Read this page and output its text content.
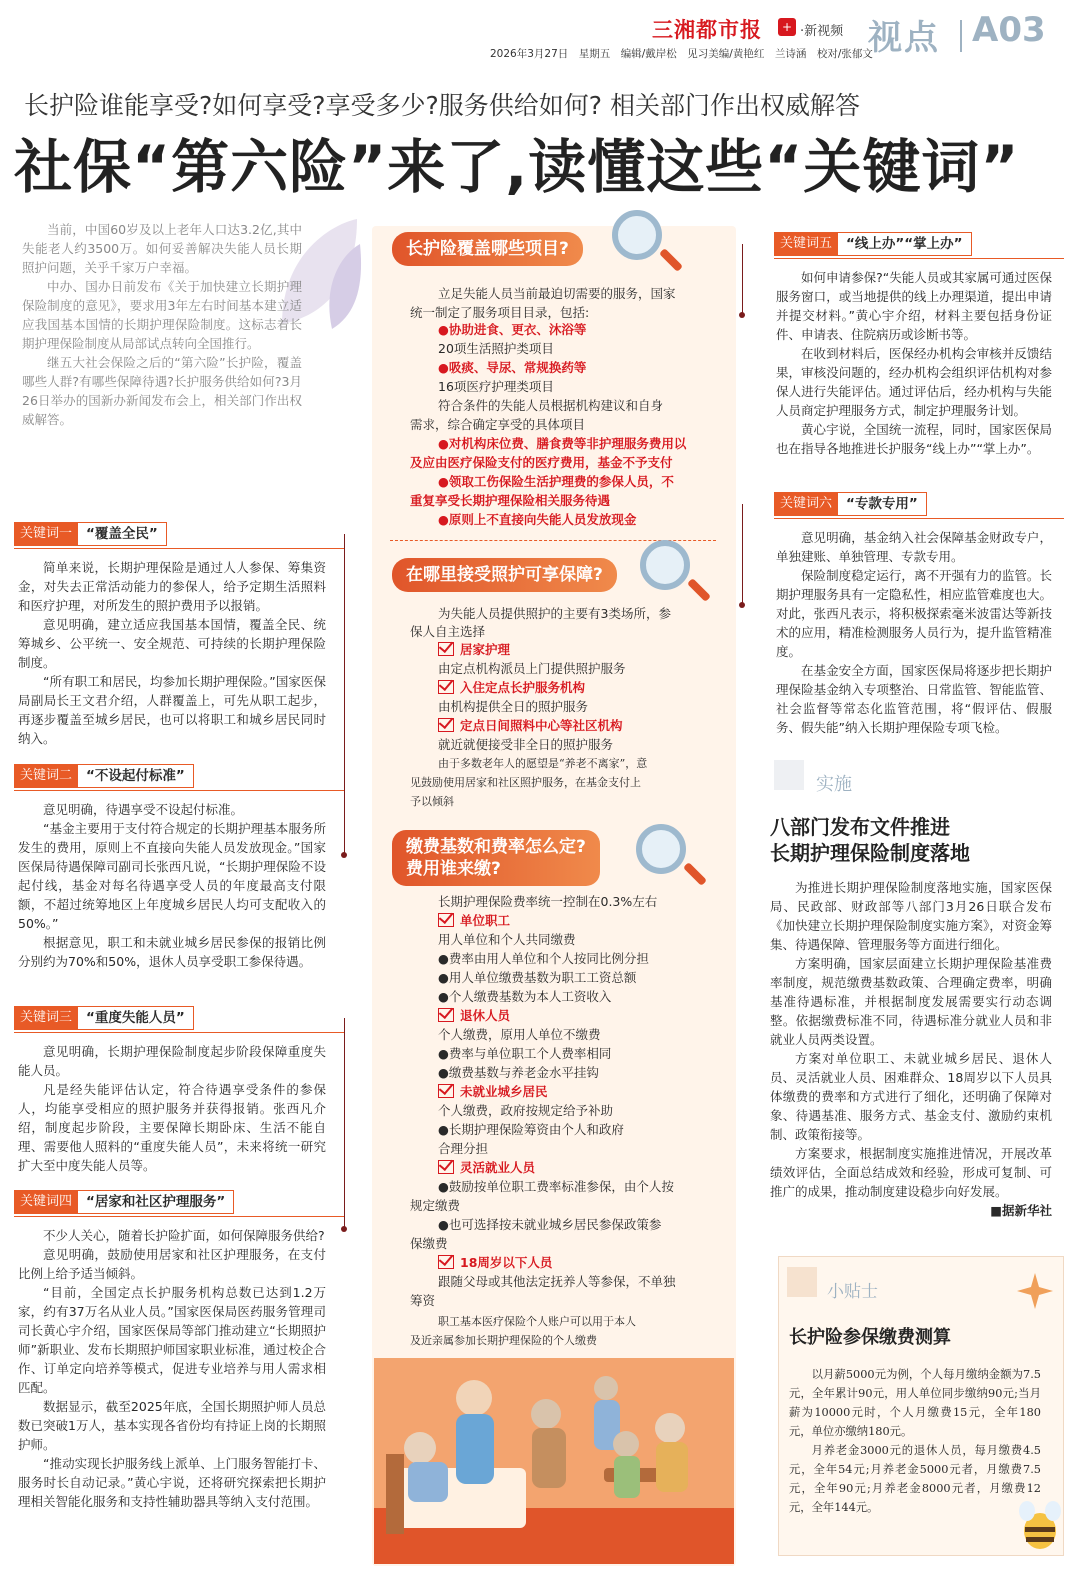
三湘都市报	+ ·新视频 视点 A03
2026年3月27日　星期五　编辑/戴岸松　见习美编/黄艳红　兰诗涵　校对/张郁文
长护险谁能享受?如何享受?享受多少?服务供给如何? 相关部门作出权威解答
社保“第六险”来了,读懂这些“关键词”

当前，中国60岁及以上老年人口达3.2亿,其中失能老人约3500万。如何妥善解决失能人员长期照护问题，关乎千家万户幸福。

中办、国办日前发布《关于加快建立长期护理保险制度的意见》，要求用3年左右时间基本建立适应我国基本国情的长期护理保险制度。这标志着长期护理保险制度从局部试点转向全国推行。

继五大社会保险之后的“第六险”长护险，覆盖哪些人群?有哪些保障待遇?长护服务供给如何?3月26日举办的国新办新闻发布会上，相关部门作出权威解答。

关键词一	“覆盖全民”

简单来说，长期护理保险是通过人人参保、筹集资金，对失去正常活动能力的参保人，给予定期生活照料和医疗护理，对所发生的照护费用予以报销。

意见明确，建立适应我国基本国情，覆盖全民、统筹城乡、公平统一、安全规范、可持续的长期护理保险制度。

“所有职工和居民，均参加长期护理保险。”国家医保局副局长王文君介绍，人群覆盖上，可先从职工起步，再逐步覆盖至城乡居民，也可以将职工和城乡居民同时纳入。

关键词二	“不设起付标准”

意见明确，待遇享受不设起付标准。

“基金主要用于支付符合规定的长期护理基本服务所发生的费用，原则上不直接向失能人员发放现金。”国家医保局待遇保障司副司长张西凡说，“长期护理保险不设起付线，基金对每名待遇享受人员的年度最高支付限额，不超过统筹地区上年度城乡居民人均可支配收入的50%。”

根据意见，职工和未就业城乡居民参保的报销比例分别约为70%和50%，退休人员享受职工参保待遇。

关键词三	“重度失能人员”

意见明确，长期护理保险制度起步阶段保障重度失能人员。

凡是经失能评估认定，符合待遇享受条件的参保人，均能享受相应的照护服务并获得报销。张西凡介绍，制度起步阶段，主要保障长期卧床、生活不能自理、需要他人照料的“重度失能人员”，未来将统一研究扩大至中度失能人员等。

关键词四	“居家和社区护理服务”

不少人关心，随着长护险扩面，如何保障服务供给?

意见明确，鼓励使用居家和社区护理服务，在支付比例上给予适当倾斜。

“目前，全国定点长护服务机构总数已达到1.2万家，约有37万名从业人员。”国家医保局医药服务管理司司长黄心宇介绍，国家医保局等部门推动建立“长期照护师”新职业、发布长期照护师国家职业标准，通过校企合作、订单定向培养等模式，促进专业培养与用人需求相匹配。

数据显示，截至2025年底，全国长期照护师人员总数已突破1万人，基本实现各省份均有持证上岗的长期照护师。

“推动实现长护服务线上派单、上门服务智能打卡、服务时长自动记录。”黄心宇说，还将研究探索把长期护理相关智能化服务和支持性辅助器具等纳入支付范围。

长护险覆盖哪些项目?
在哪里接受照护可享保障?
缴费基数和费率怎么定?
费用谁来缴?
关键词五	“线上办”“掌上办”

如何申请参保?“失能人员或其家属可通过医保服务窗口，或当地提供的线上办理渠道，提出申请并提交材料。”黄心宇介绍，材料主要包括身份证件、申请表、住院病历或诊断书等。

在收到材料后，医保经办机构会审核并反馈结果，审核没问题的，经办机构会组织评估机构对参保人进行失能评估。通过评估后，经办机构与失能人员商定护理服务方式，制定护理服务计划。

黄心宇说，全国统一流程，同时，国家医保局也在指导各地推进长护服务“线上办”“掌上办”。

关键词六	“专款专用”

意见明确，基金纳入社会保障基金财政专户，单独建账、单独管理、专款专用。

保险制度稳定运行，离不开强有力的监管。长期护理服务具有一定隐私性，相应监管难度也大。对此，张西凡表示，将积极探索毫米波雷达等新技术的应用，精准检测服务人员行为，提升监管精准度。

在基金安全方面，国家医保局将逐步把长期护理保险基金纳入专项整治、日常监管、智能监管、社会监督等常态化监管范围，将“假评估、假服务、假失能”纳入长期护理保险专项飞检。

实施
八部门发布文件推进
长期护理保险制度落地

为推进长期护理保险制度落地实施，国家医保局、民政部、财政部等八部门3月26日联合发布《加快建立长期护理保险制度实施方案》，对资金筹集、待遇保障、管理服务等方面进行细化。

方案明确，国家层面建立长期护理保险基准费率制度，规范缴费基数政策、合理确定费率，明确基准待遇标准，并根据制度发展需要实行动态调整。依据缴费标准不同，待遇标准分就业人员和非就业人员两类设置。

方案对单位职工、未就业城乡居民、退休人员、灵活就业人员、困难群众、18周岁以下人员具体缴费的费率和方式进行了细化，还明确了保障对象、待遇基准、服务方式、基金支付、激励约束机制、政策衔接等。

方案要求，根据制度实施推进情况，开展改革绩效评估，全面总结成效和经验，形成可复制、可推广的成果，推动制度建设稳步向好发展。

■据新华社
小贴士
长护险参保缴费测算
以月薪5000元为例，个人每月缴纳金额为7.5元，全年累计90元，用人单位同步缴纳90元;当月薪为10000元时，个人月缴费15元，全年180元，单位亦缴纳180元。
月养老金3000元的退休人员，每月缴费4.5元，全年54元;月养老金5000元者，月缴费7.5元，全年90元;月养老金8000元者，月缴费12元，全年144元。
立足失能人员当前最迫切需要的服务，国家
统一制定了服务项目目录，包括:
●协助进食、更衣、沐浴等
20项生活照护类项目
●吸痰、导尿、常规换药等
16项医疗护理类项目
符合条件的失能人员根据机构建议和自身
需求，综合确定享受的具体项目
●对机构床位费、膳食费等非护理服务费用以
及应由医疗保险支付的医疗费用，基金不予支付
●领取工伤保险生活护理费的参保人员，不
重复享受长期护理保险相关服务待遇
●原则上不直接向失能人员发放现金
为失能人员提供照护的主要有3类场所，参
保人自主选择
居家护理
由定点机构派员上门提供照护服务
入住定点长护服务机构
由机构提供全日的照护服务
定点日间照料中心等社区机构
就近就便接受非全日的照护服务
由于多数老年人的愿望是“养老不离家”，意
见鼓励使用居家和社区照护服务，在基金支付上
予以倾斜
长期护理保险费率统一控制在0.3%左右
单位职工
用人单位和个人共同缴费
●费率由用人单位和个人按同比例分担
●用人单位缴费基数为职工工资总额
●个人缴费基数为本人工资收入
退休人员
个人缴费，原用人单位不缴费
●费率与单位职工个人费率相同
●缴费基数与养老金水平挂钩
未就业城乡居民
个人缴费，政府按规定给予补助
●长期护理保险筹资由个人和政府
合理分担
灵活就业人员
●鼓励按单位职工费率标准参保，由个人按
规定缴费
●也可选择按未就业城乡居民参保政策参
保缴费
18周岁以下人员
跟随父母或其他法定抚养人等参保，不单独
筹资
职工基本医疗保险个人账户可以用于本人
及近亲属参加长期护理保险的个人缴费
